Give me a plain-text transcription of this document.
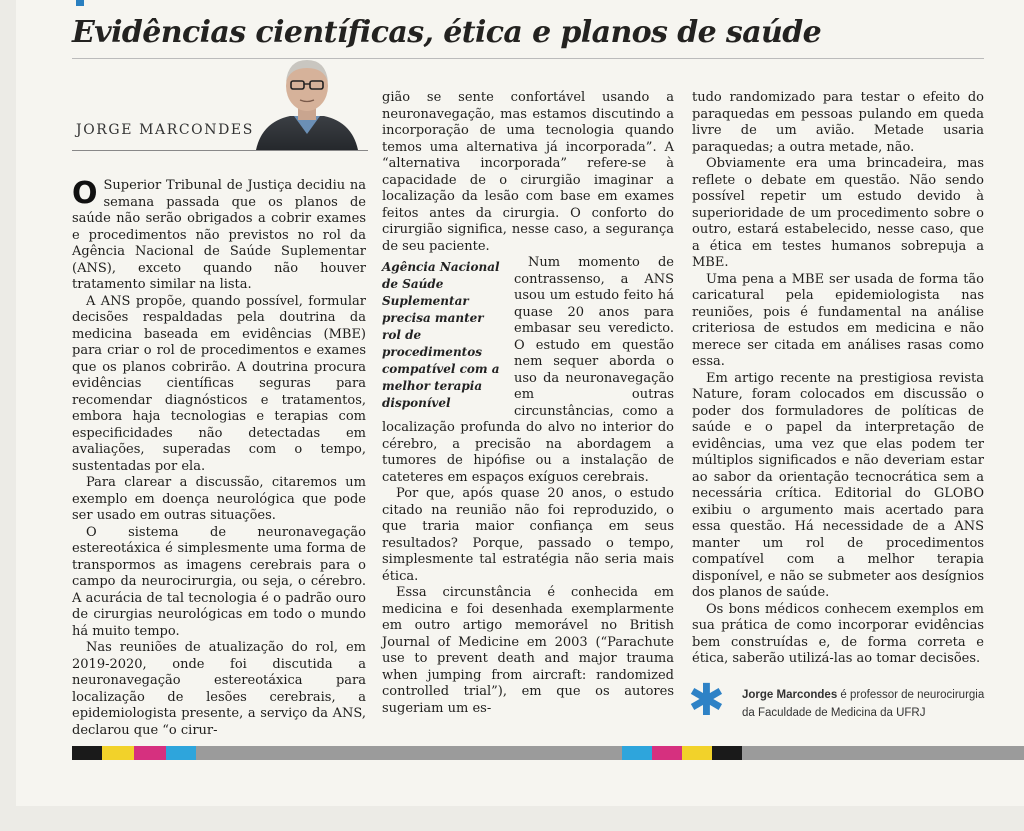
Evidências científicas, ética e planos de saúde
JORGE MARCONDES
O Superior Tribunal de Justiça decidiu na semana passada que os planos de saúde não serão obrigados a cobrir exames e procedimentos não previstos no rol da Agência Nacional de Saúde Suplementar (ANS), exceto quando não houver tratamento similar na lista.

A ANS propõe, quando possível, formular decisões respaldadas pela doutrina da medicina baseada em evidências (MBE) para criar o rol de procedimentos e exames que os planos cobrirão. A doutrina procura evidências científicas seguras para recomendar diagnósticos e tratamentos, embora haja tecnologias e terapias com especificidades não detectadas em avaliações, superadas com o tempo, sustentadas por ela.

Para clarear a discussão, citaremos um exemplo em doença neurológica que pode ser usado em outras situações.

O sistema de neuronavegação estereotáxica é simplesmente uma forma de transpormos as imagens cerebrais para o campo da neurocirurgia, ou seja, o cérebro. A acurácia de tal tecnologia é o padrão ouro de cirurgias neurológicas em todo o mundo há muito tempo.

Nas reuniões de atualização do rol, em 2019-2020, onde foi discutida a neuronavegação estereotáxica para localização de lesões cerebrais, a epidemiologista presente, a serviço da ANS, declarou que “o cirur-

gião se sente confortável usando a neuronavegação, mas estamos discutindo a incorporação de uma tecnologia quando temos uma alternativa já incorporada”. A “alternativa incorporada” refere-se à capacidade de o cirurgião imaginar a localização da lesão com base em exames feitos antes da cirurgia. O conforto do cirurgião significa, nesse caso, a segurança de seu paciente.

Agência Nacional de Saúde Suplementar precisa manter rol de procedimentos compatível com a melhor terapia disponível

Num momento de contrassenso, a ANS usou um estudo feito há quase 20 anos para embasar seu veredicto. O estudo em questão nem sequer aborda o uso da neuronavegação em outras circunstâncias, como a localização profunda do alvo no interior do cérebro, a precisão na abordagem a tumores de hipófise ou a instalação de cateteres em espaços exíguos cerebrais.

Por que, após quase 20 anos, o estudo citado na reunião não foi reproduzido, o que traria maior confiança em seus resultados? Porque, passado o tempo, simplesmente tal estratégia não seria mais ética.

Essa circunstância é conhecida em medicina e foi desenhada exemplarmente em outro artigo memorável no British Journal of Medicine em 2003 (“Parachute use to prevent death and major trauma when jumping from aircraft: randomized controlled trial”), em que os autores sugeriam um es-

tudo randomizado para testar o efeito do paraquedas em pessoas pulando em queda livre de um avião. Metade usaria paraquedas; a outra metade, não.

Obviamente era uma brincadeira, mas reflete o debate em questão. Não sendo possível repetir um estudo devido à superioridade de um procedimento sobre o outro, estará estabelecido, nesse caso, que a ética em testes humanos sobrepuja a MBE.

Uma pena a MBE ser usada de forma tão caricatural pela epidemiologista nas reuniões, pois é fundamental na análise criteriosa de estudos em medicina e não merece ser citada em análises rasas como essa.

Em artigo recente na prestigiosa revista Nature, foram colocados em discussão o poder dos formuladores de políticas de saúde e o papel da interpretação de evidências, uma vez que elas podem ter múltiplos significados e não deveriam estar ao sabor da orientação tecnocrática sem a necessária crítica. Editorial do GLOBO exibiu o argumento mais acertado para essa questão. Há necessidade de a ANS manter um rol de procedimentos compatível com a melhor terapia disponível, e não se submeter aos desígnios dos planos de saúde.

Os bons médicos conhecem exemplos em sua prática de como incorporar evidências bem construídas e, de forma correta e ética, saberão utilizá-las ao tomar decisões.

✱ Jorge Marcondes é professor de neurocirurgia da Faculdade de Medicina da UFRJ
